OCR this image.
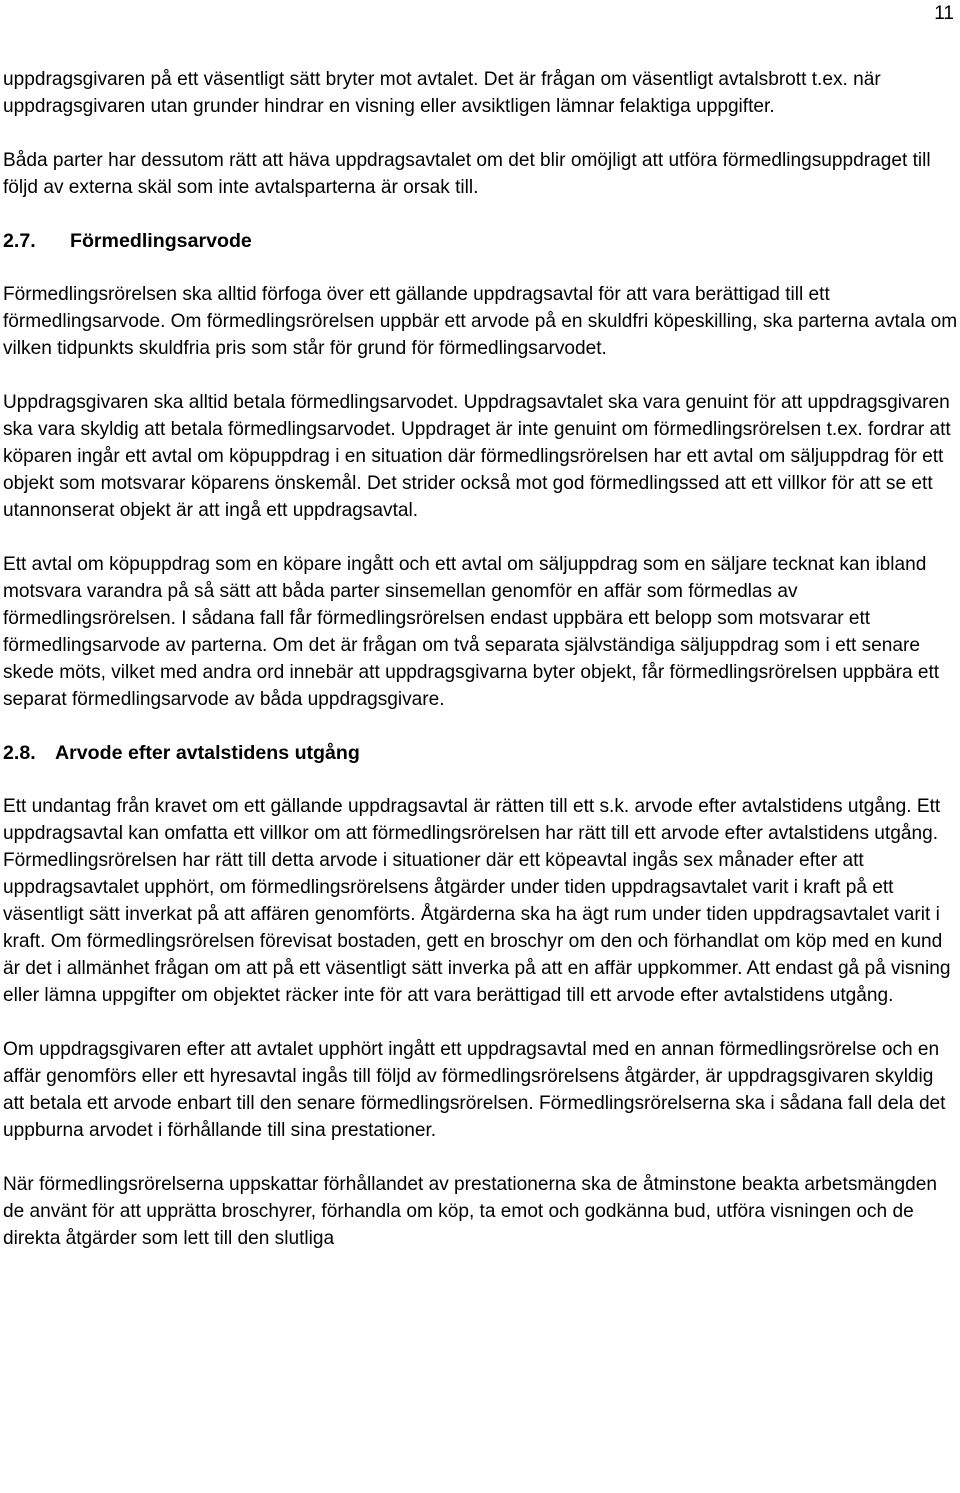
11

uppdragsgivaren på ett väsentligt sätt bryter mot avtalet. Det är frågan om väsentligt avtalsbrott t.ex. när uppdragsgivaren utan grunder hindrar en visning eller avsiktligen lämnar felaktiga uppgifter.

Båda parter har dessutom rätt att häva uppdragsavtalet om det blir omöjligt att utföra förmedlingsuppdraget till följd av externa skäl som inte avtalsparterna är orsak till.

2.7. Förmedlingsarvode

Förmedlingsrörelsen ska alltid förfoga över ett gällande uppdragsavtal för att vara berättigad till ett förmedlingsarvode. Om förmedlingsrörelsen uppbär ett arvode på en skuldfri köpeskilling, ska parterna avtala om vilken tidpunkts skuldfria pris som står för grund för förmedlingsarvodet.

Uppdragsgivaren ska alltid betala förmedlingsarvodet. Uppdragsavtalet ska vara genuint för att uppdragsgivaren ska vara skyldig att betala förmedlingsarvodet. Uppdraget är inte genuint om förmedlingsrörelsen t.ex. fordrar att köparen ingår ett avtal om köpuppdrag i en situation där förmedlingsrörelsen har ett avtal om säljuppdrag för ett objekt som motsvarar köparens önskemål. Det strider också mot god förmedlingssed att ett villkor för att se ett utannonserat objekt är att ingå ett uppdragsavtal.

Ett avtal om köpuppdrag som en köpare ingått och ett avtal om säljuppdrag som en säljare tecknat kan ibland motsvara varandra på så sätt att båda parter sinsemellan genomför en affär som förmedlas av förmedlingsrörelsen. I sådana fall får förmedlingsrörelsen endast uppbära ett belopp som motsvarar ett förmedlingsarvode av parterna. Om det är frågan om två separata självständiga säljuppdrag som i ett senare skede möts, vilket med andra ord innebär att uppdragsgivarna byter objekt, får förmedlingsrörelsen uppbära ett separat förmedlingsarvode av båda uppdragsgivare.

2.8. Arvode efter avtalstidens utgång

Ett undantag från kravet om ett gällande uppdragsavtal är rätten till ett s.k. arvode efter avtalstidens utgång. Ett uppdragsavtal kan omfatta ett villkor om att förmedlingsrörelsen har rätt till ett arvode efter avtalstidens utgång. Förmedlingsrörelsen har rätt till detta arvode i situationer där ett köpeavtal ingås sex månader efter att uppdragsavtalet upphört, om förmedlingsrörelsens åtgärder under tiden uppdragsavtalet varit i kraft på ett väsentligt sätt inverkat på att affären genomförts. Åtgärderna ska ha ägt rum under tiden uppdragsavtalet varit i kraft. Om förmedlingsrörelsen förevisat bostaden, gett en broschyr om den och förhandlat om köp med en kund är det i allmänhet frågan om att på ett väsentligt sätt inverka på att en affär uppkommer. Att endast gå på visning eller lämna uppgifter om objektet räcker inte för att vara berättigad till ett arvode efter avtalstidens utgång.

Om uppdragsgivaren efter att avtalet upphört ingått ett uppdragsavtal med en annan förmedlingsrörelse och en affär genomförs eller ett hyresavtal ingås till följd av förmedlingsrörelsens åtgärder, är uppdragsgivaren skyldig att betala ett arvode enbart till den senare förmedlingsrörelsen. Förmedlingsrörelserna ska i sådana fall dela det uppburna arvodet i förhållande till sina prestationer.

När förmedlingsrörelserna uppskattar förhållandet av prestationerna ska de åtminstone beakta arbetsmängden de använt för att upprätta broschyrer, förhandla om köp, ta emot och godkänna bud, utföra visningen och de direkta åtgärder som lett till den slutliga
